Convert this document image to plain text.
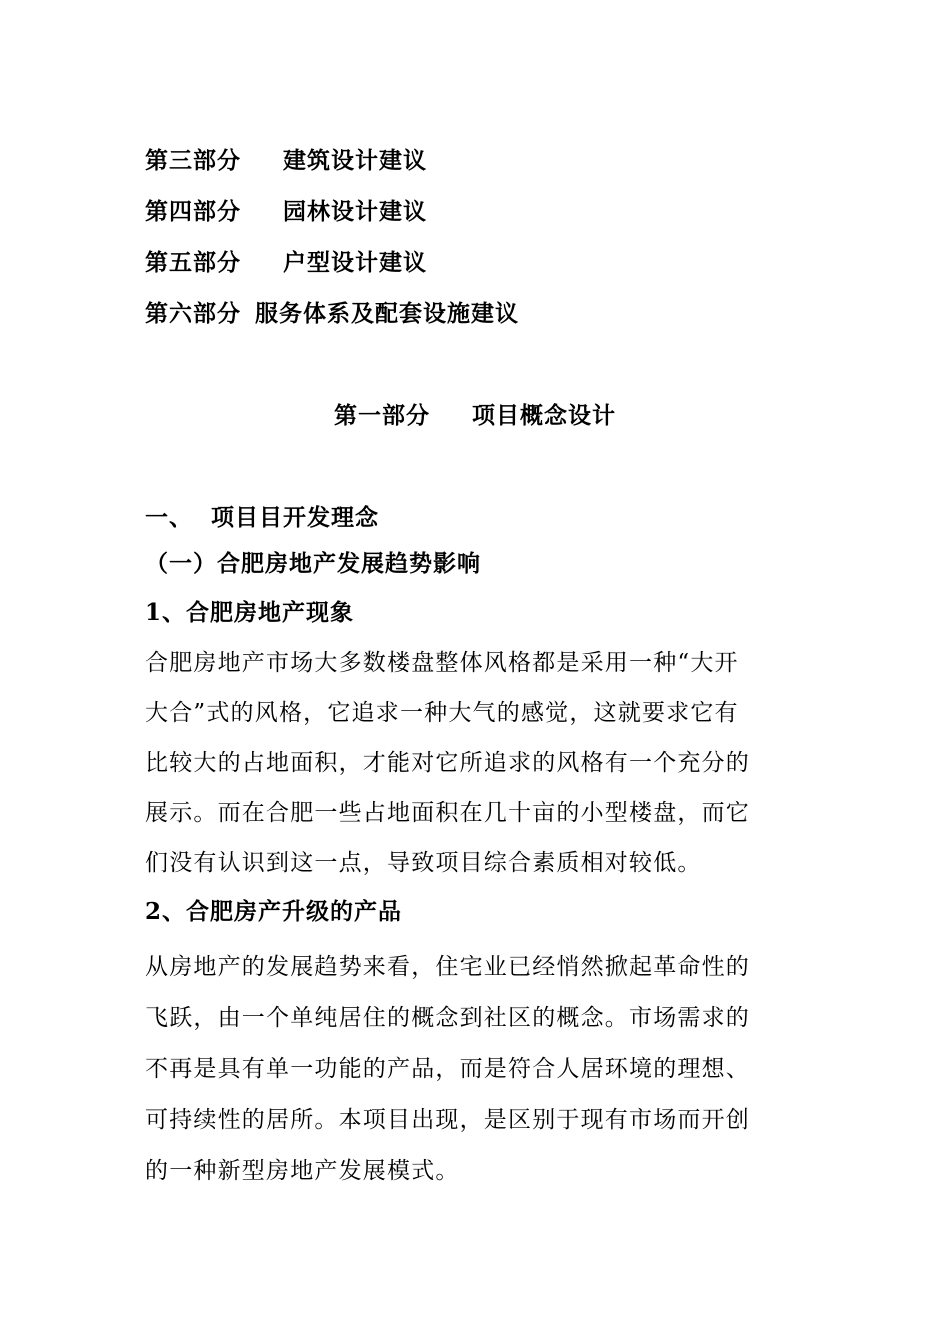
第三部分 建筑设计建议
第四部分 园林设计建议
第五部分 户型设计建议
第六部分 服务体系及配套设施建议
第一部分 项目概念设计
一、 项目目开发理念
（一）合肥房地产发展趋势影响
1、合肥房地产现象
合肥房地产市场大多数楼盘整体风格都是采用一种“大开
大合”式的风格，它追求一种大气的感觉，这就要求它有
比较大的占地面积，才能对它所追求的风格有一个充分的
展示。而在合肥一些占地面积在几十亩的小型楼盘，而它
们没有认识到这一点，导致项目综合素质相对较低。
2、合肥房产升级的产品
从房地产的发展趋势来看，住宅业已经悄然掀起革命性的
飞跃，由一个单纯居住的概念到社区的概念。市场需求的
不再是具有单一功能的产品，而是符合人居环境的理想、
可持续性的居所。本项目出现，是区别于现有市场而开创
的一种新型房地产发展模式。
